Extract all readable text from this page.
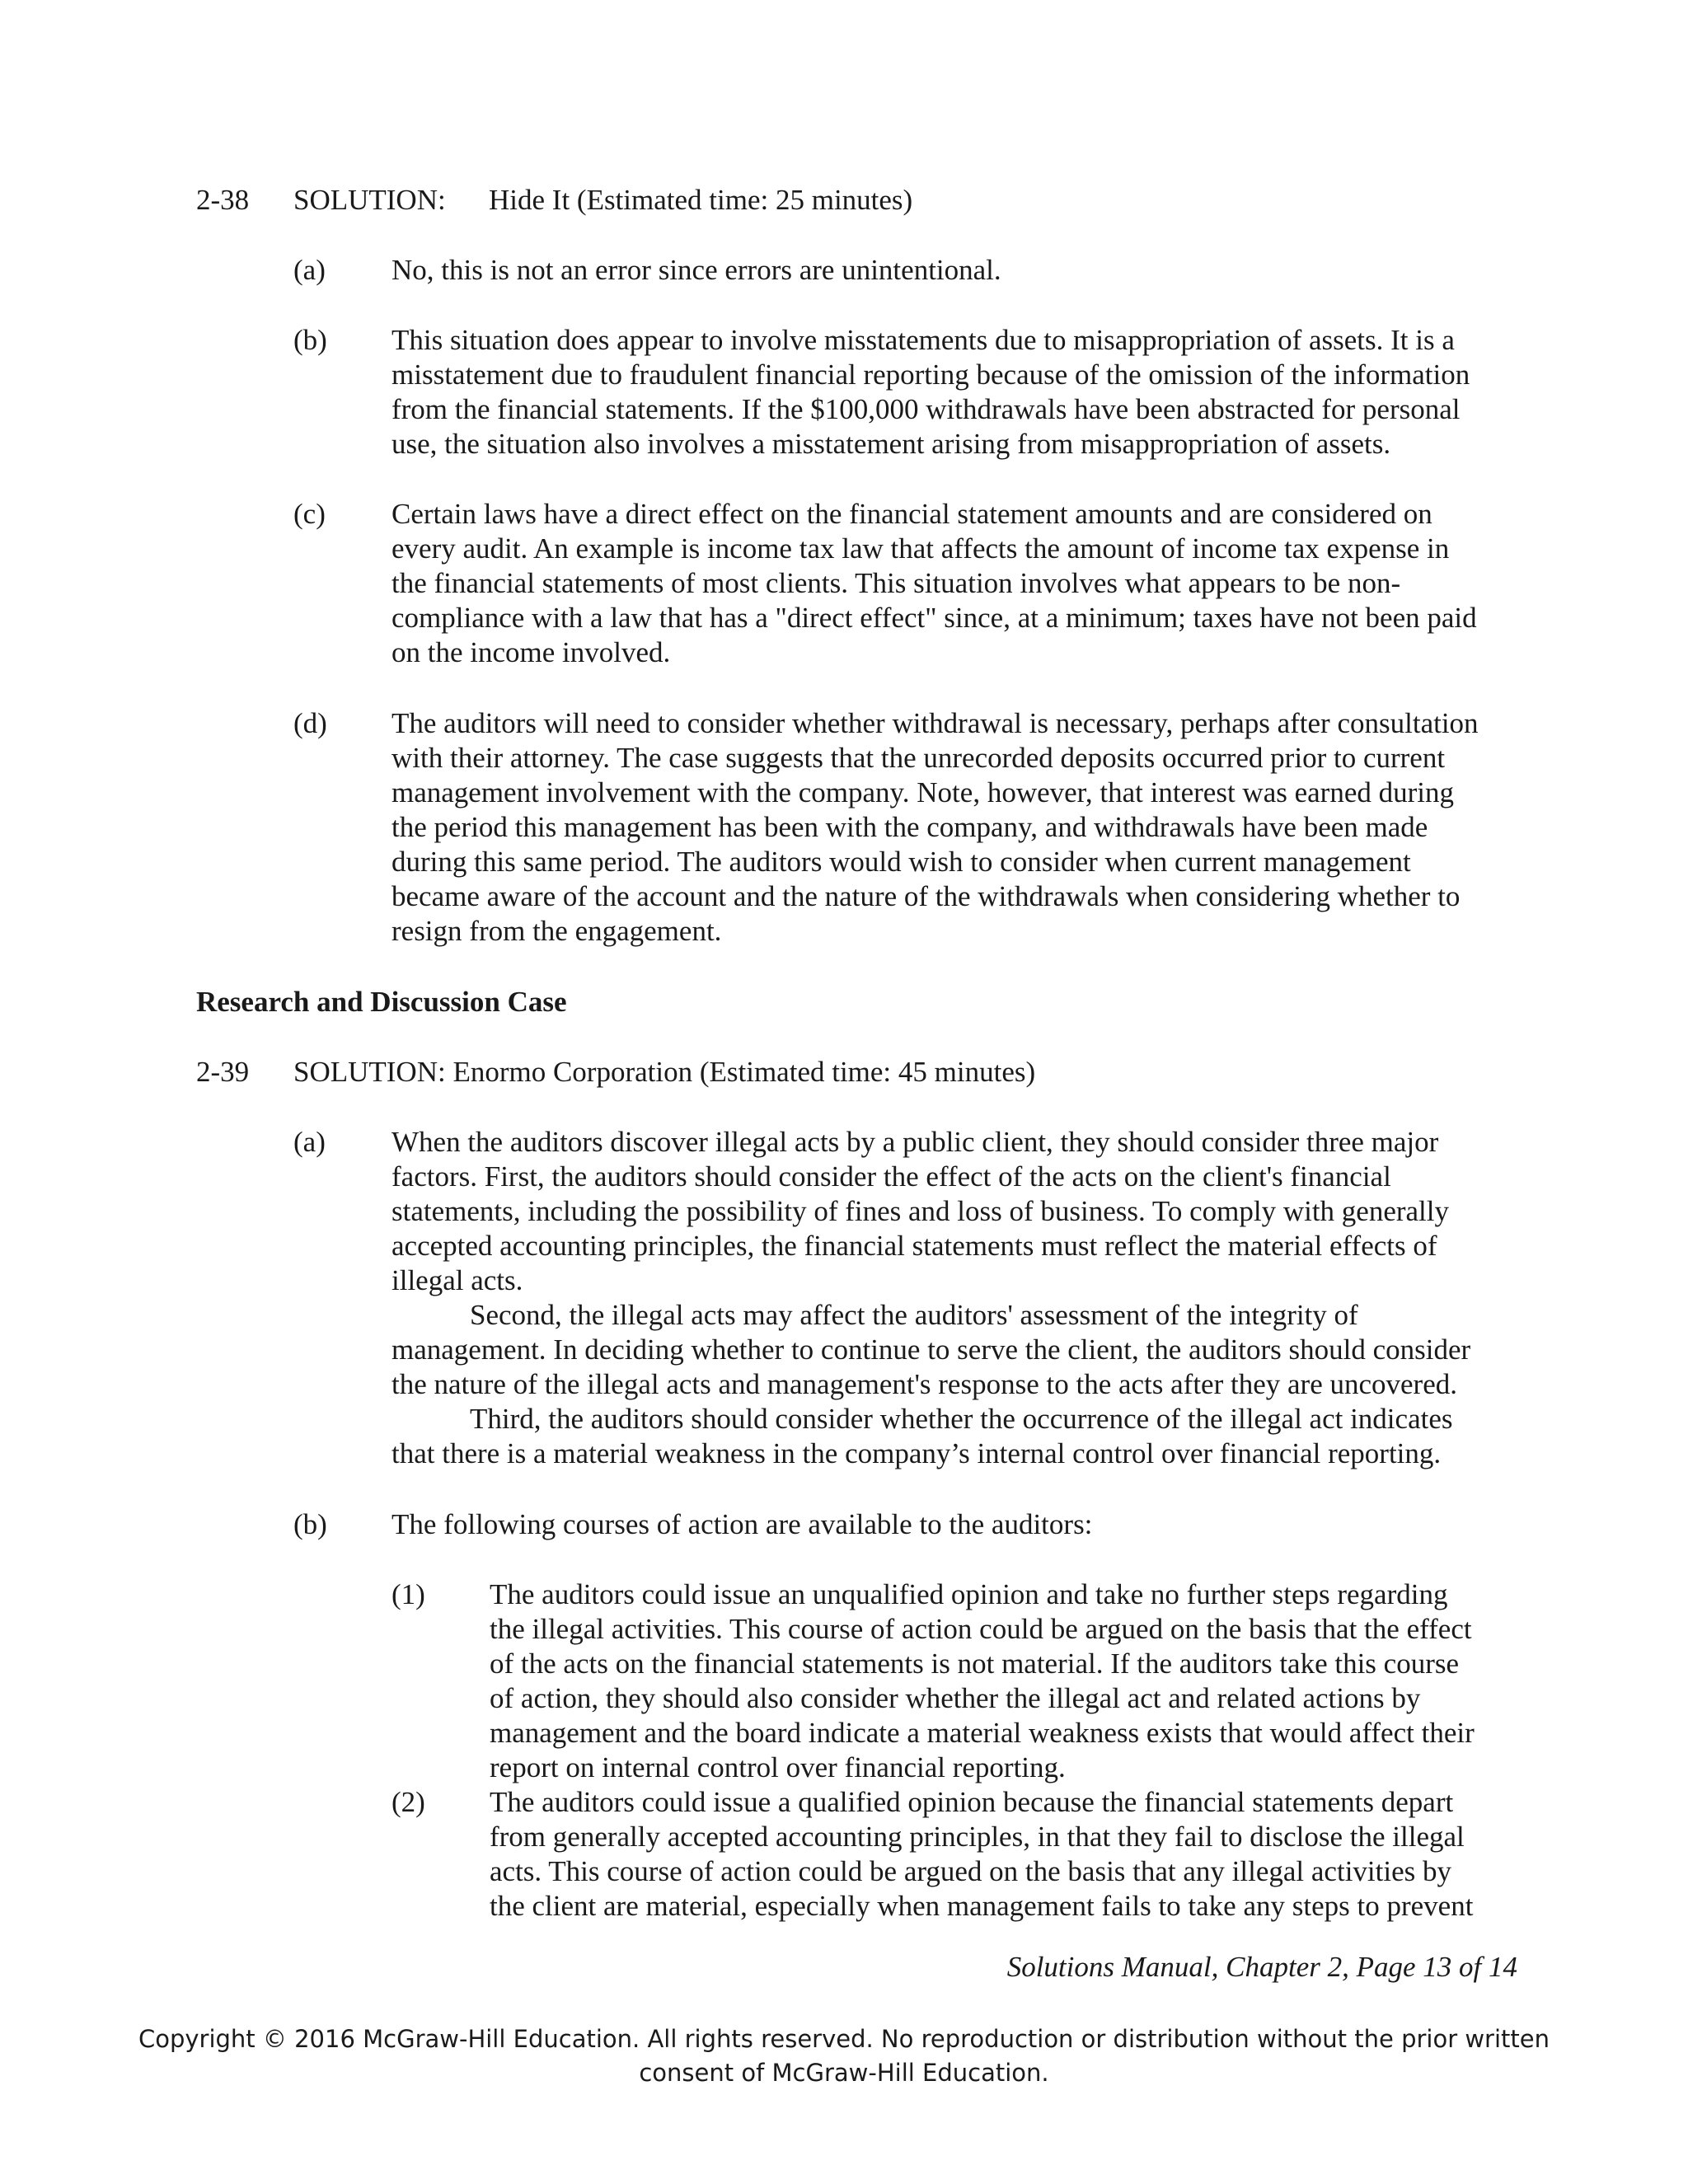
2-38 SOLUTION: Hide It (Estimated time: 25 minutes)
(a) No, this is not an error since errors are unintentional.
(b) This situation does appear to involve misstatements due to misappropriation of assets. It is a
misstatement due to fraudulent financial reporting because of the omission of the information
from the financial statements. If the $100,000 withdrawals have been abstracted for personal
use, the situation also involves a misstatement arising from misappropriation of assets.
(c) Certain laws have a direct effect on the financial statement amounts and are considered on
every audit. An example is income tax law that affects the amount of income tax expense in
the financial statements of most clients. This situation involves what appears to be non-
compliance with a law that has a "direct effect" since, at a minimum; taxes have not been paid
on the income involved.
(d) The auditors will need to consider whether withdrawal is necessary, perhaps after consultation
with their attorney. The case suggests that the unrecorded deposits occurred prior to current
management involvement with the company. Note, however, that interest was earned during
the period this management has been with the company, and withdrawals have been made
during this same period. The auditors would wish to consider when current management
became aware of the account and the nature of the withdrawals when considering whether to
resign from the engagement.
Research and Discussion Case
2-39 SOLUTION: Enormo Corporation (Estimated time: 45 minutes)
(a) When the auditors discover illegal acts by a public client, they should consider three major
factors. First, the auditors should consider the effect of the acts on the client's financial
statements, including the possibility of fines and loss of business. To comply with generally
accepted accounting principles, the financial statements must reflect the material effects of
illegal acts.
Second, the illegal acts may affect the auditors' assessment of the integrity of
management. In deciding whether to continue to serve the client, the auditors should consider
the nature of the illegal acts and management's response to the acts after they are uncovered.
Third, the auditors should consider whether the occurrence of the illegal act indicates
that there is a material weakness in the company’s internal control over financial reporting.
(b) The following courses of action are available to the auditors:
(1) The auditors could issue an unqualified opinion and take no further steps regarding
the illegal activities. This course of action could be argued on the basis that the effect
of the acts on the financial statements is not material. If the auditors take this course
of action, they should also consider whether the illegal act and related actions by
management and the board indicate a material weakness exists that would affect their
report on internal control over financial reporting.
(2) The auditors could issue a qualified opinion because the financial statements depart
from generally accepted accounting principles, in that they fail to disclose the illegal
acts. This course of action could be argued on the basis that any illegal activities by
the client are material, especially when management fails to take any steps to prevent
Solutions Manual, Chapter 2, Page 13 of 14
Copyright © 2016 McGraw-Hill Education. All rights reserved. No reproduction or distribution without the prior written
consent of McGraw-Hill Education.
